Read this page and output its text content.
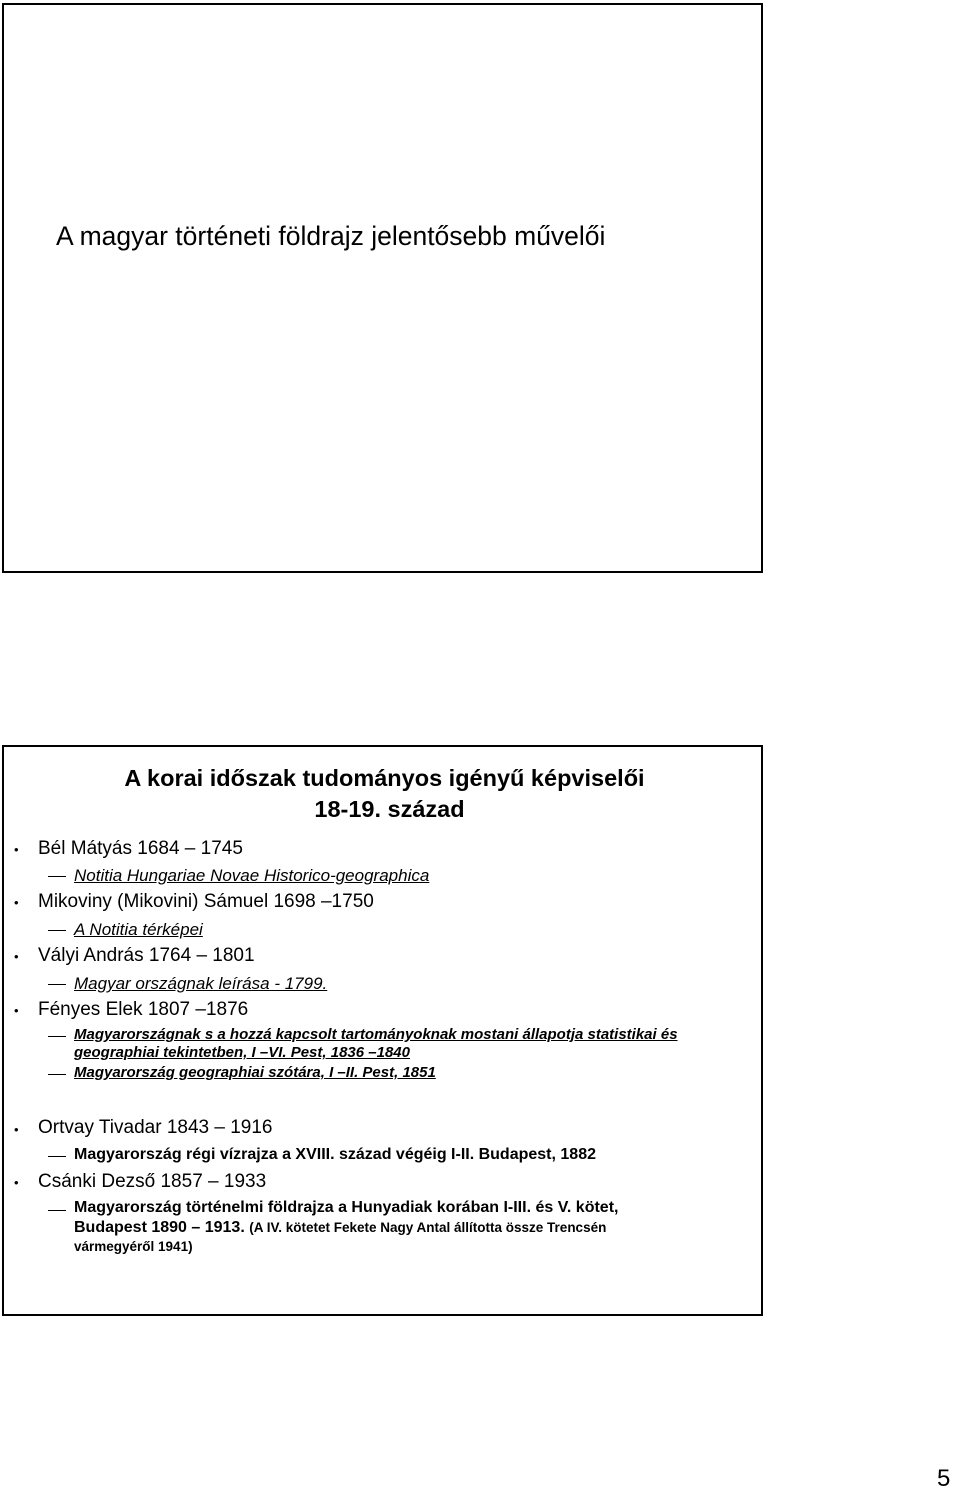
A magyar történeti földrajz jelentősebb művelői
A korai időszak tudományos igényű képviselői
18-19. század
• Bél Mátyás 1684 – 1745
Notitia Hungariae Novae Historico-geographica
• Mikoviny (Mikovini) Sámuel 1698 –1750
A Notitia térképei
• Vályi András 1764 – 1801
Magyar országnak leírása - 1799.
• Fényes Elek 1807 –1876
Magyarországnak s a hozzá kapcsolt tartományoknak mostani állapotja statistikai és
geographiai tekintetben, I –VI. Pest, 1836 –1840
Magyarország geographiai szótára, I –II. Pest, 1851
• Ortvay Tivadar 1843 – 1916
Magyarország régi vízrajza a XVIII. század végéig I-II. Budapest, 1882
• Csánki Dezső 1857 – 1933
Magyarország történelmi földrajza a Hunyadiak korában I-III. és V. kötet,
Budapest 1890 – 1913. (A IV. kötetet Fekete Nagy Antal állította össze Trencsén
vármegyéről 1941)
5
